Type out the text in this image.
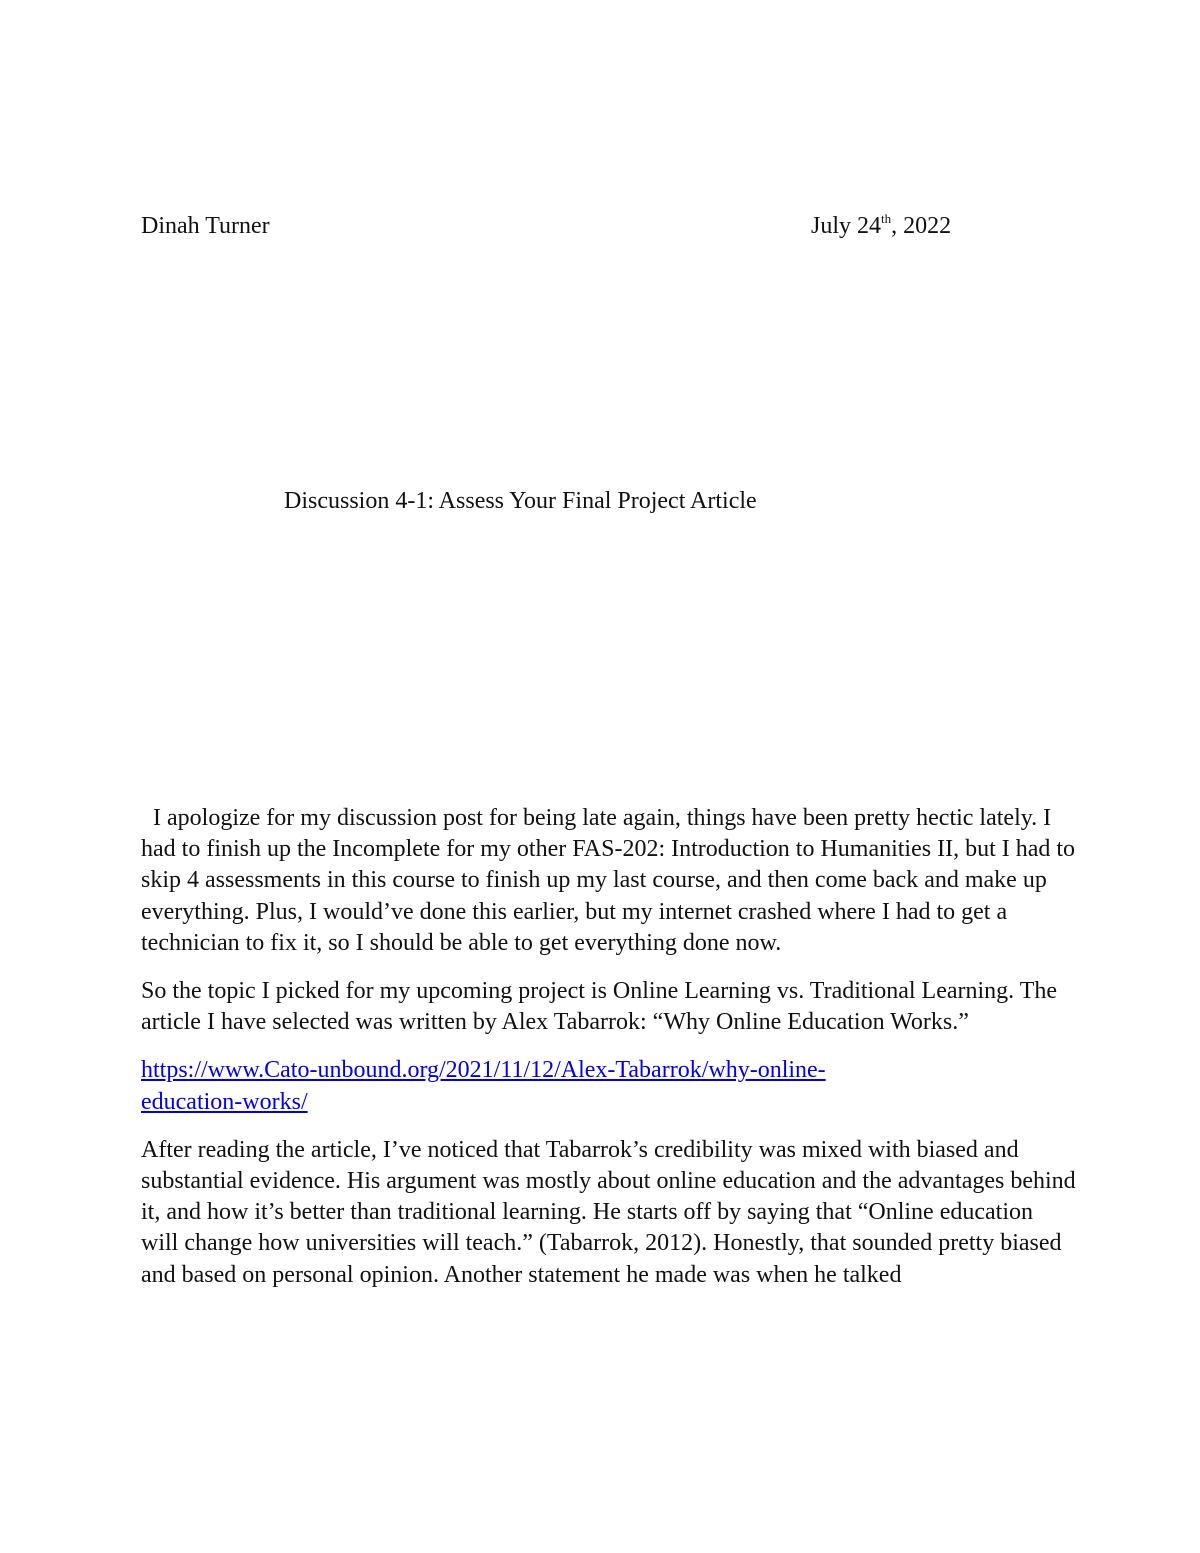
Dinah Turner	July 24th, 2022
Discussion 4-1: Assess Your Final Project Article

I apologize for my discussion post for being late again, things have been pretty hectic lately. I had to finish up the Incomplete for my other FAS-202: Introduction to Humanities II, but I had to skip 4 assessments in this course to finish up my last course, and then come back and make up everything. Plus, I would’ve done this earlier, but my internet crashed where I had to get a technician to fix it, so I should be able to get everything done now.

So the topic I picked for my upcoming project is Online Learning vs. Traditional Learning. The article I have selected was written by Alex Tabarrok: “Why Online Education Works.”

https://www.Cato-unbound.org/2021/11/12/Alex-Tabarrok/why-online-
education-works/

After reading the article, I’ve noticed that Tabarrok’s credibility was mixed with biased and substantial evidence. His argument was mostly about online education and the advantages behind it, and how it’s better than traditional learning. He starts off by saying that “Online education will change how universities will teach.” (Tabarrok, 2012). Honestly, that sounded pretty biased and based on personal opinion. Another statement he made was when he talked
